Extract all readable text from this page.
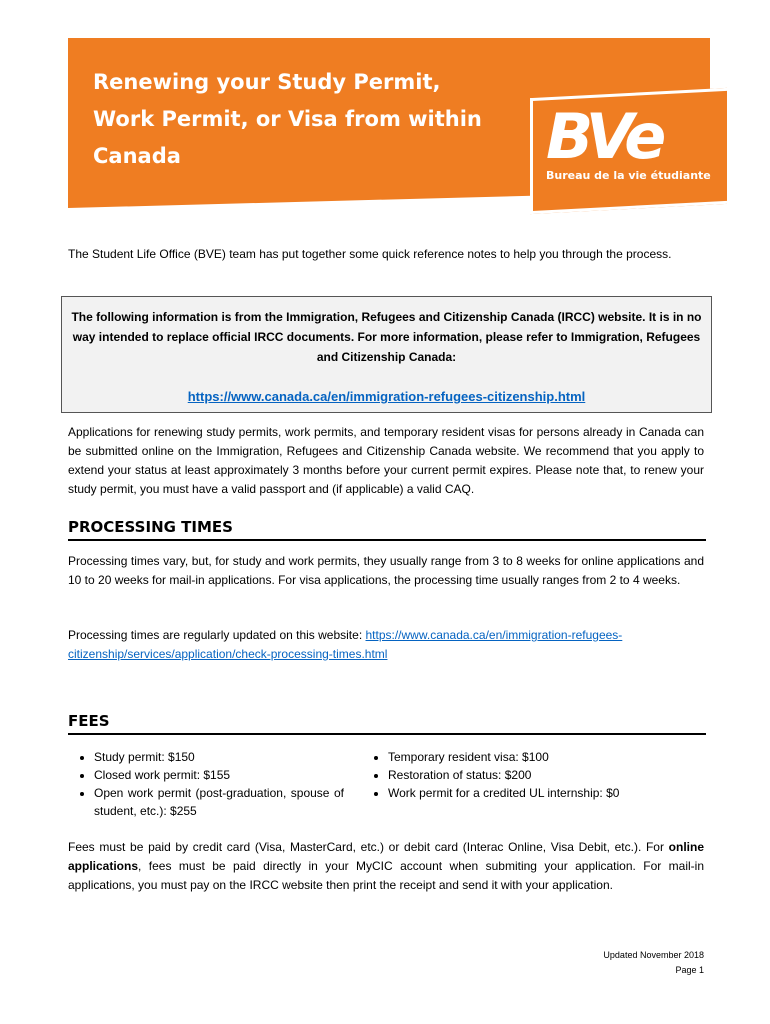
Renewing your Study Permit, Work Permit, or Visa from within Canada	BVe
Bureau de la vie étudiante
The Student Life Office (BVE) team has put together some quick reference notes to help you through the process.
The following information is from the Immigration, Refugees and Citizenship Canada (IRCC) website. It is in no way intended to replace official IRCC documents. For more information, please refer to Immigration, Refugees and Citizenship Canada:
https://www.canada.ca/en/immigration-refugees-citizenship.html
Applications for renewing study permits, work permits, and temporary resident visas for persons already in Canada can be submitted online on the Immigration, Refugees and Citizenship Canada website. We recommend that you apply to extend your status at least approximately 3 months before your current permit expires. Please note that, to renew your study permit, you must have a valid passport and (if applicable) a valid CAQ.
PROCESSING TIMES
Processing times vary, but, for study and work permits, they usually range from 3 to 8 weeks for online applications and 10 to 20 weeks for mail-in applications. For visa applications, the processing time usually ranges from 2 to 4 weeks.
Processing times are regularly updated on this website: https://www.canada.ca/en/immigration-refugees-citizenship/services/application/check-processing-times.html
FEES
• Study permit: $150
• Closed work permit: $155
• Open work permit (post-graduation, spouse of student, etc.): $255
• Temporary resident visa: $100
• Restoration of status: $200
• Work permit for a credited UL internship: $0
Fees must be paid by credit card (Visa, MasterCard, etc.) or debit card (Interac Online, Visa Debit, etc.). For online applications, fees must be paid directly in your MyCIC account when submiting your application. For mail-in applications, you must pay on the IRCC website then print the receipt and send it with your application.
Updated November 2018
Page 1
